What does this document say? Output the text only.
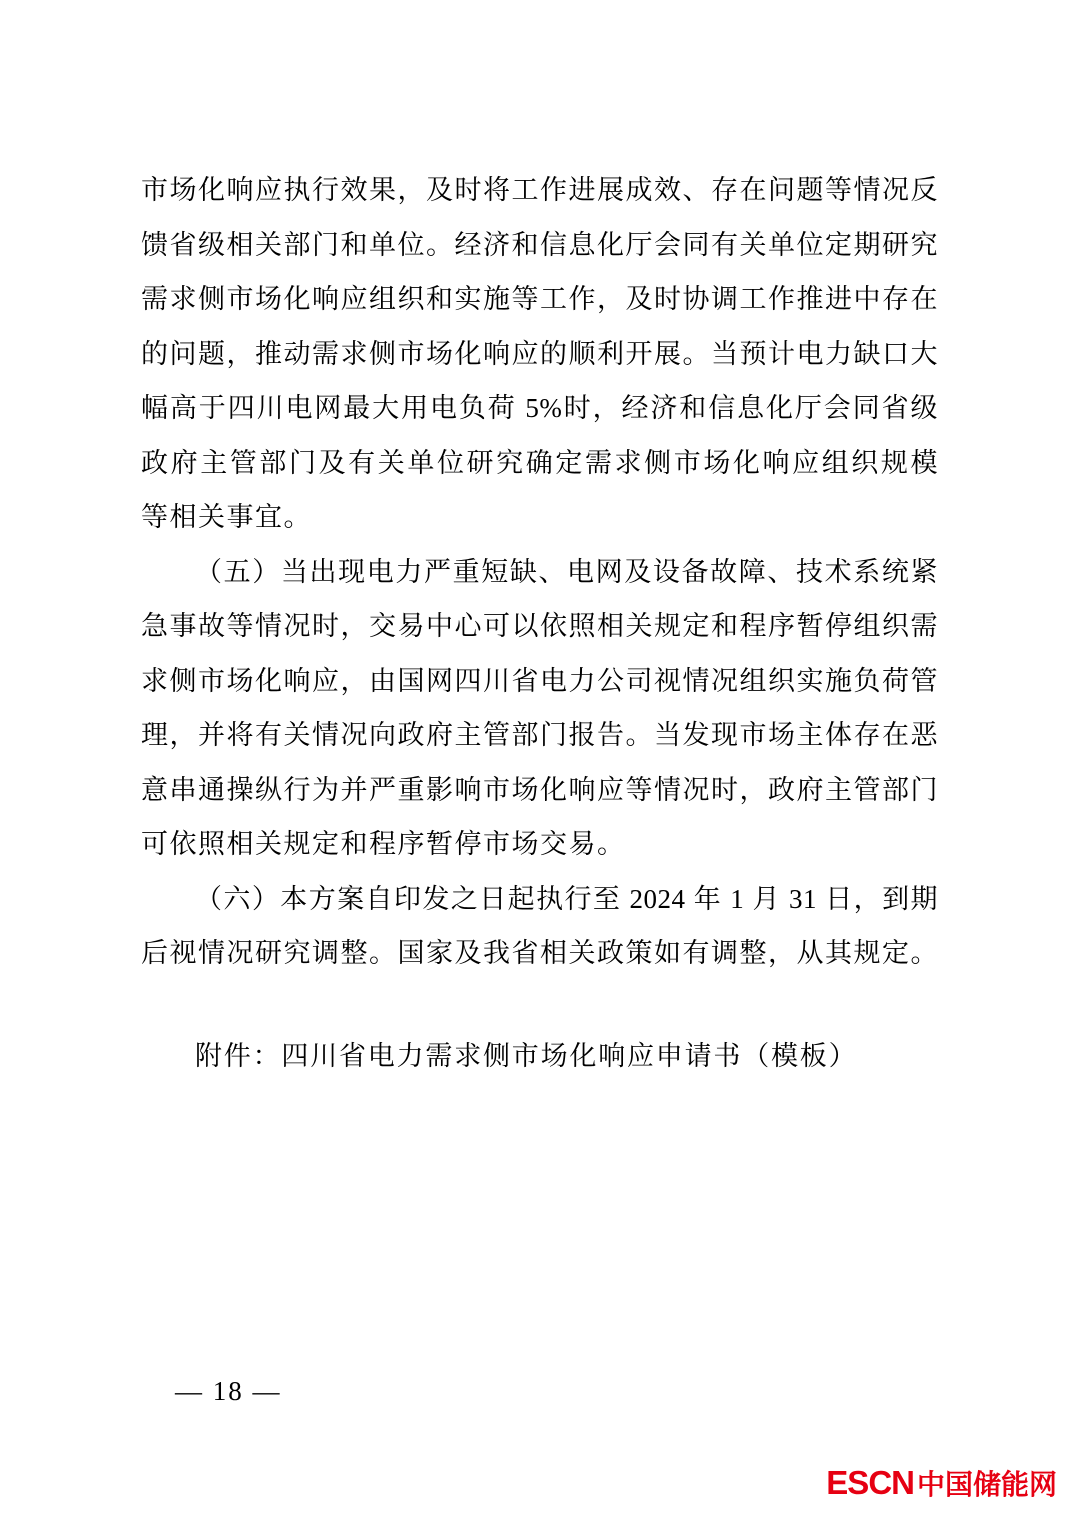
市场化响应执行效果，及时将工作进展成效、存在问题等情况反
馈省级相关部门和单位。经济和信息化厅会同有关单位定期研究
需求侧市场化响应组织和实施等工作，及时协调工作推进中存在
的问题，推动需求侧市场化响应的顺利开展。当预计电力缺口大
幅高于四川电网最大用电负荷 5%时，经济和信息化厅会同省级
政府主管部门及有关单位研究确定需求侧市场化响应组织规模
等相关事宜。
（五）当出现电力严重短缺、电网及设备故障、技术系统紧
急事故等情况时，交易中心可以依照相关规定和程序暂停组织需
求侧市场化响应，由国网四川省电力公司视情况组织实施负荷管
理，并将有关情况向政府主管部门报告。当发现市场主体存在恶
意串通操纵行为并严重影响市场化响应等情况时，政府主管部门
可依照相关规定和程序暂停市场交易。
（六）本方案自印发之日起执行至 2024 年 1 月 31 日，到期
后视情况研究调整。国家及我省相关政策如有调整，从其规定。
附件：四川省电力需求侧市场化响应申请书（模板）
— 18 —
ESCN 中国储能网
